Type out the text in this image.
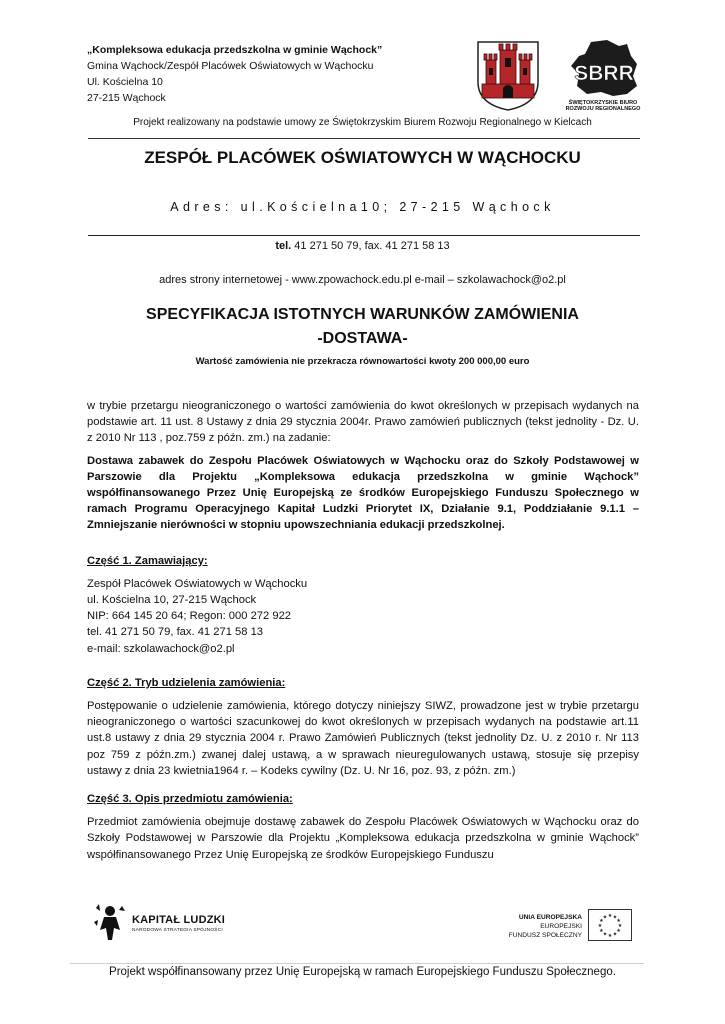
„Kompleksowa edukacja przedszkolna w gminie Wąchock”
Gmina Wąchock/Zespół Placówek Oświatowych w Wąchocku
Ul. Kościelna 10
27-215 Wąchock
SBRR
ŚWIĘTOKRZYSKIE BIURO
ROZWOJU REGIONALNEGO
Projekt realizowany na podstawie umowy ze Świętokrzyskim Biurem Rozwoju Regionalnego w Kielcach
ZESPÓŁ PLACÓWEK OŚWIATOWYCH W WĄCHOCKU
Adres: ul.Kościelna10; 27-215 Wąchock
tel. 41 271 50 79, fax. 41 271 58 13
adres strony internetowej - www.zpowachock.edu.pl e-mail – szkolawachock@o2.pl
SPECYFIKACJA ISTOTNYCH WARUNKÓW ZAMÓWIENIA
-DOSTAWA-
Wartość zamówienia nie przekracza równowartości kwoty 200 000,00 euro

w trybie przetargu nieograniczonego o wartości zamówienia do kwot określonych w przepisach wydanych na podstawie art. 11 ust. 8 Ustawy z dnia 29 stycznia 2004r. Prawo zamówień publicznych (tekst jednolity - Dz. U. z 2010 Nr 113 , poz.759 z późn. zm.) na zadanie:

Dostawa zabawek do Zespołu Placówek Oświatowych w Wąchocku oraz do Szkoły Podstawowej w Parszowie dla Projektu „Kompleksowa edukacja przedszkolna w gminie Wąchock” współfinansowanego Przez Unię Europejską ze środków Europejskiego Funduszu Społecznego w ramach Programu Operacyjnego Kapitał Ludzki Priorytet IX, Działanie 9.1, Poddziałanie 9.1.1 – Zmniejszanie nierówności w stopniu upowszechniania edukacji przedszkolnej.

Część 1. Zamawiający:

Zespół Placówek Oświatowych w Wąchocku
ul. Kościelna 10, 27-215 Wąchock
NIP: 664 145 20 64; Regon: 000 272 922
tel. 41 271 50 79, fax. 41 271 58 13
e-mail: szkolawachock@o2.pl

Część 2. Tryb udzielenia zamówienia:

Postępowanie o udzielenie zamówienia, którego dotyczy niniejszy SIWZ, prowadzone jest w trybie przetargu nieograniczonego o wartości szacunkowej do kwot określonych w przepisach wydanych na podstawie art.11 ust.8 ustawy z dnia 29 stycznia 2004 r. Prawo Zamówień Publicznych (tekst jednolity Dz. U. z 2010 r. Nr 113 poz 759 z późn.zm.) zwanej dalej ustawą, a w sprawach nieuregulowanych ustawą, stosuje się przepisy ustawy z dnia 23 kwietnia1964 r. – Kodeks cywilny (Dz. U. Nr 16, poz. 93, z późn. zm.)

Część 3. Opis przedmiotu zamówienia:

Przedmiot zamówienia obejmuje dostawę zabawek do Zespołu Placówek Oświatowych w Wąchocku oraz do Szkoły Podstawowej w Parszowie dla Projektu „Kompleksowa edukacja przedszkolna w gminie Wąchock” współfinansowanego Przez Unię Europejską ze środków Europejskiego Funduszu

KAPITAŁ LUDZKI
NARODOWA STRATEGIA SPÓJNOŚCI
UNIA EUROPEJSKA
EUROPEJSKI
FUNDUSZ SPOŁECZNY
★
★
★
★
★
★
★
★
★ ★ ★
★
Projekt współfinansowany przez Unię Europejską w ramach Europejskiego Funduszu Społecznego.
